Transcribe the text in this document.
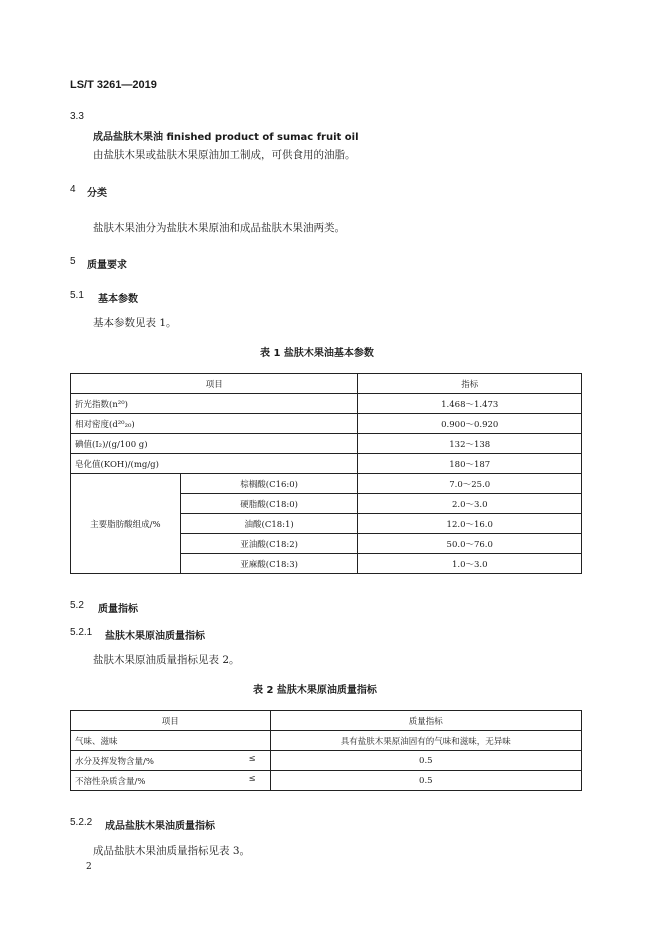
LS/T 3261—2019
3.3
成品盐肤木果油 finished product of sumac fruit oil
由盐肤木果或盐肤木果原油加工制成，可供食用的油脂。
4 分类
盐肤木果油分为盐肤木果原油和成品盐肤木果油两类。
5 质量要求
5.1 基本参数
基本参数见表 1。
表 1 盐肤木果油基本参数
项目		指标
折光指数(n²⁰)		1.468～1.473
相对密度(d²⁰₂₀)		0.900～0.920
碘值(I₂)/(g/100 g)		132～138
皂化值(KOH)/(mg/g)		180～187
主要脂肪酸组成/%	棕榈酸(C16:0)	7.0～25.0
	硬脂酸(C18:0)	2.0～3.0
	油酸(C18:1)	12.0～16.0
	亚油酸(C18:2)	50.0～76.0
	亚麻酸(C18:3)	1.0～3.0
5.2 质量指标
5.2.1 盐肤木果原油质量指标
盐肤木果原油质量指标见表 2。
表 2 盐肤木果原油质量指标
项目	质量指标
气味、滋味	具有盐肤木果原油固有的气味和滋味，无异味
水分及挥发物含量/% ≤	0.5
不溶性杂质含量/% ≤	0.5
5.2.2 成品盐肤木果油质量指标
成品盐肤木果油质量指标见表 3。
2
